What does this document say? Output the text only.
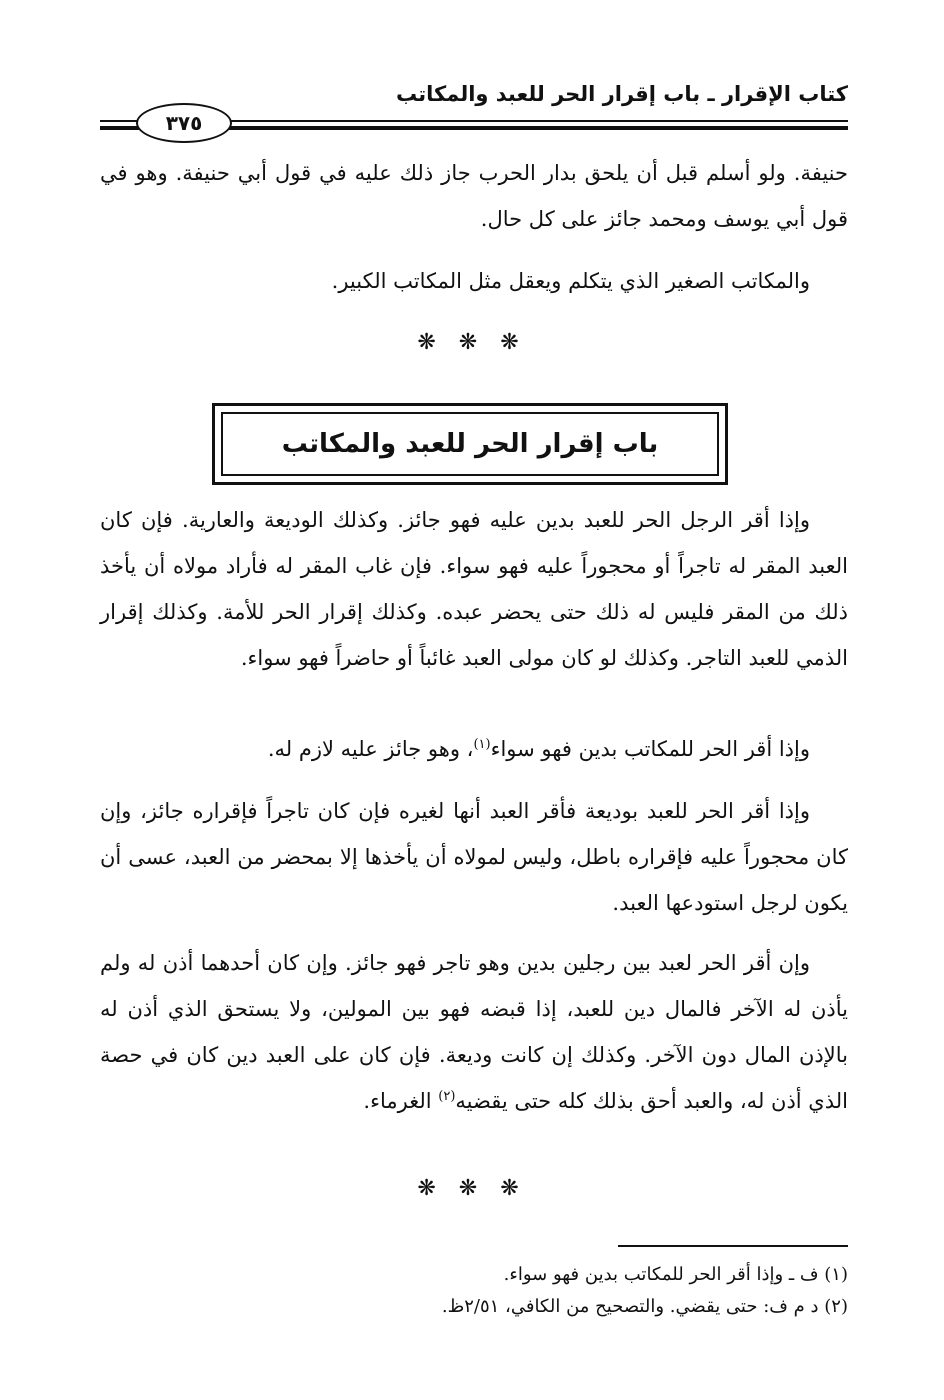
كتاب الإقرار ـ باب إقرار الحر للعبد والمكاتب
٣٧٥

حنيفة. ولو أسلم قبل أن يلحق بدار الحرب جاز ذلك عليه في قول أبي حنيفة. وهو في قول أبي يوسف ومحمد جائز على كل حال.

والمكاتب الصغير الذي يتكلم ويعقل مثل المكاتب الكبير.

❋ ❋ ❋
باب إقرار الحر للعبد والمكاتب

وإذا أقر الرجل الحر للعبد بدين عليه فهو جائز. وكذلك الوديعة والعارية. فإن كان العبد المقر له تاجراً أو محجوراً عليه فهو سواء. فإن غاب المقر له فأراد مولاه أن يأخذ ذلك من المقر فليس له ذلك حتى يحضر عبده. وكذلك إقرار الحر للأمة. وكذلك إقرار الذمي للعبد التاجر. وكذلك لو كان مولى العبد غائباً أو حاضراً فهو سواء.

وإذا أقر الحر للمكاتب بدين فهو سواء$^{(١)}$، وهو جائز عليه لازم له.

وإذا أقر الحر للعبد بوديعة فأقر العبد أنها لغيره فإن كان تاجراً فإقراره جائز، وإن كان محجوراً عليه فإقراره باطل، وليس لمولاه أن يأخذها إلا بمحضر من العبد، عسى أن يكون لرجل استودعها العبد.

وإن أقر الحر لعبد بين رجلين بدين وهو تاجر فهو جائز. وإن كان أحدهما أذن له ولم يأذن له الآخر فالمال دين للعبد، إذا قبضه فهو بين المولين، ولا يستحق الذي أذن له بالإذن المال دون الآخر. وكذلك إن كانت وديعة. فإن كان على العبد دين كان في حصة الذي أذن له، والعبد أحق بذلك كله حتى يقضيه$^{(٢)}$ الغرماء.

❋ ❋ ❋
(١) ف ـ وإذا أقر الحر للمكاتب بدين فهو سواء.
(٢) د م ف: حتى يقضي. والتصحيح من الكافي، ٢/٥١ظ.
